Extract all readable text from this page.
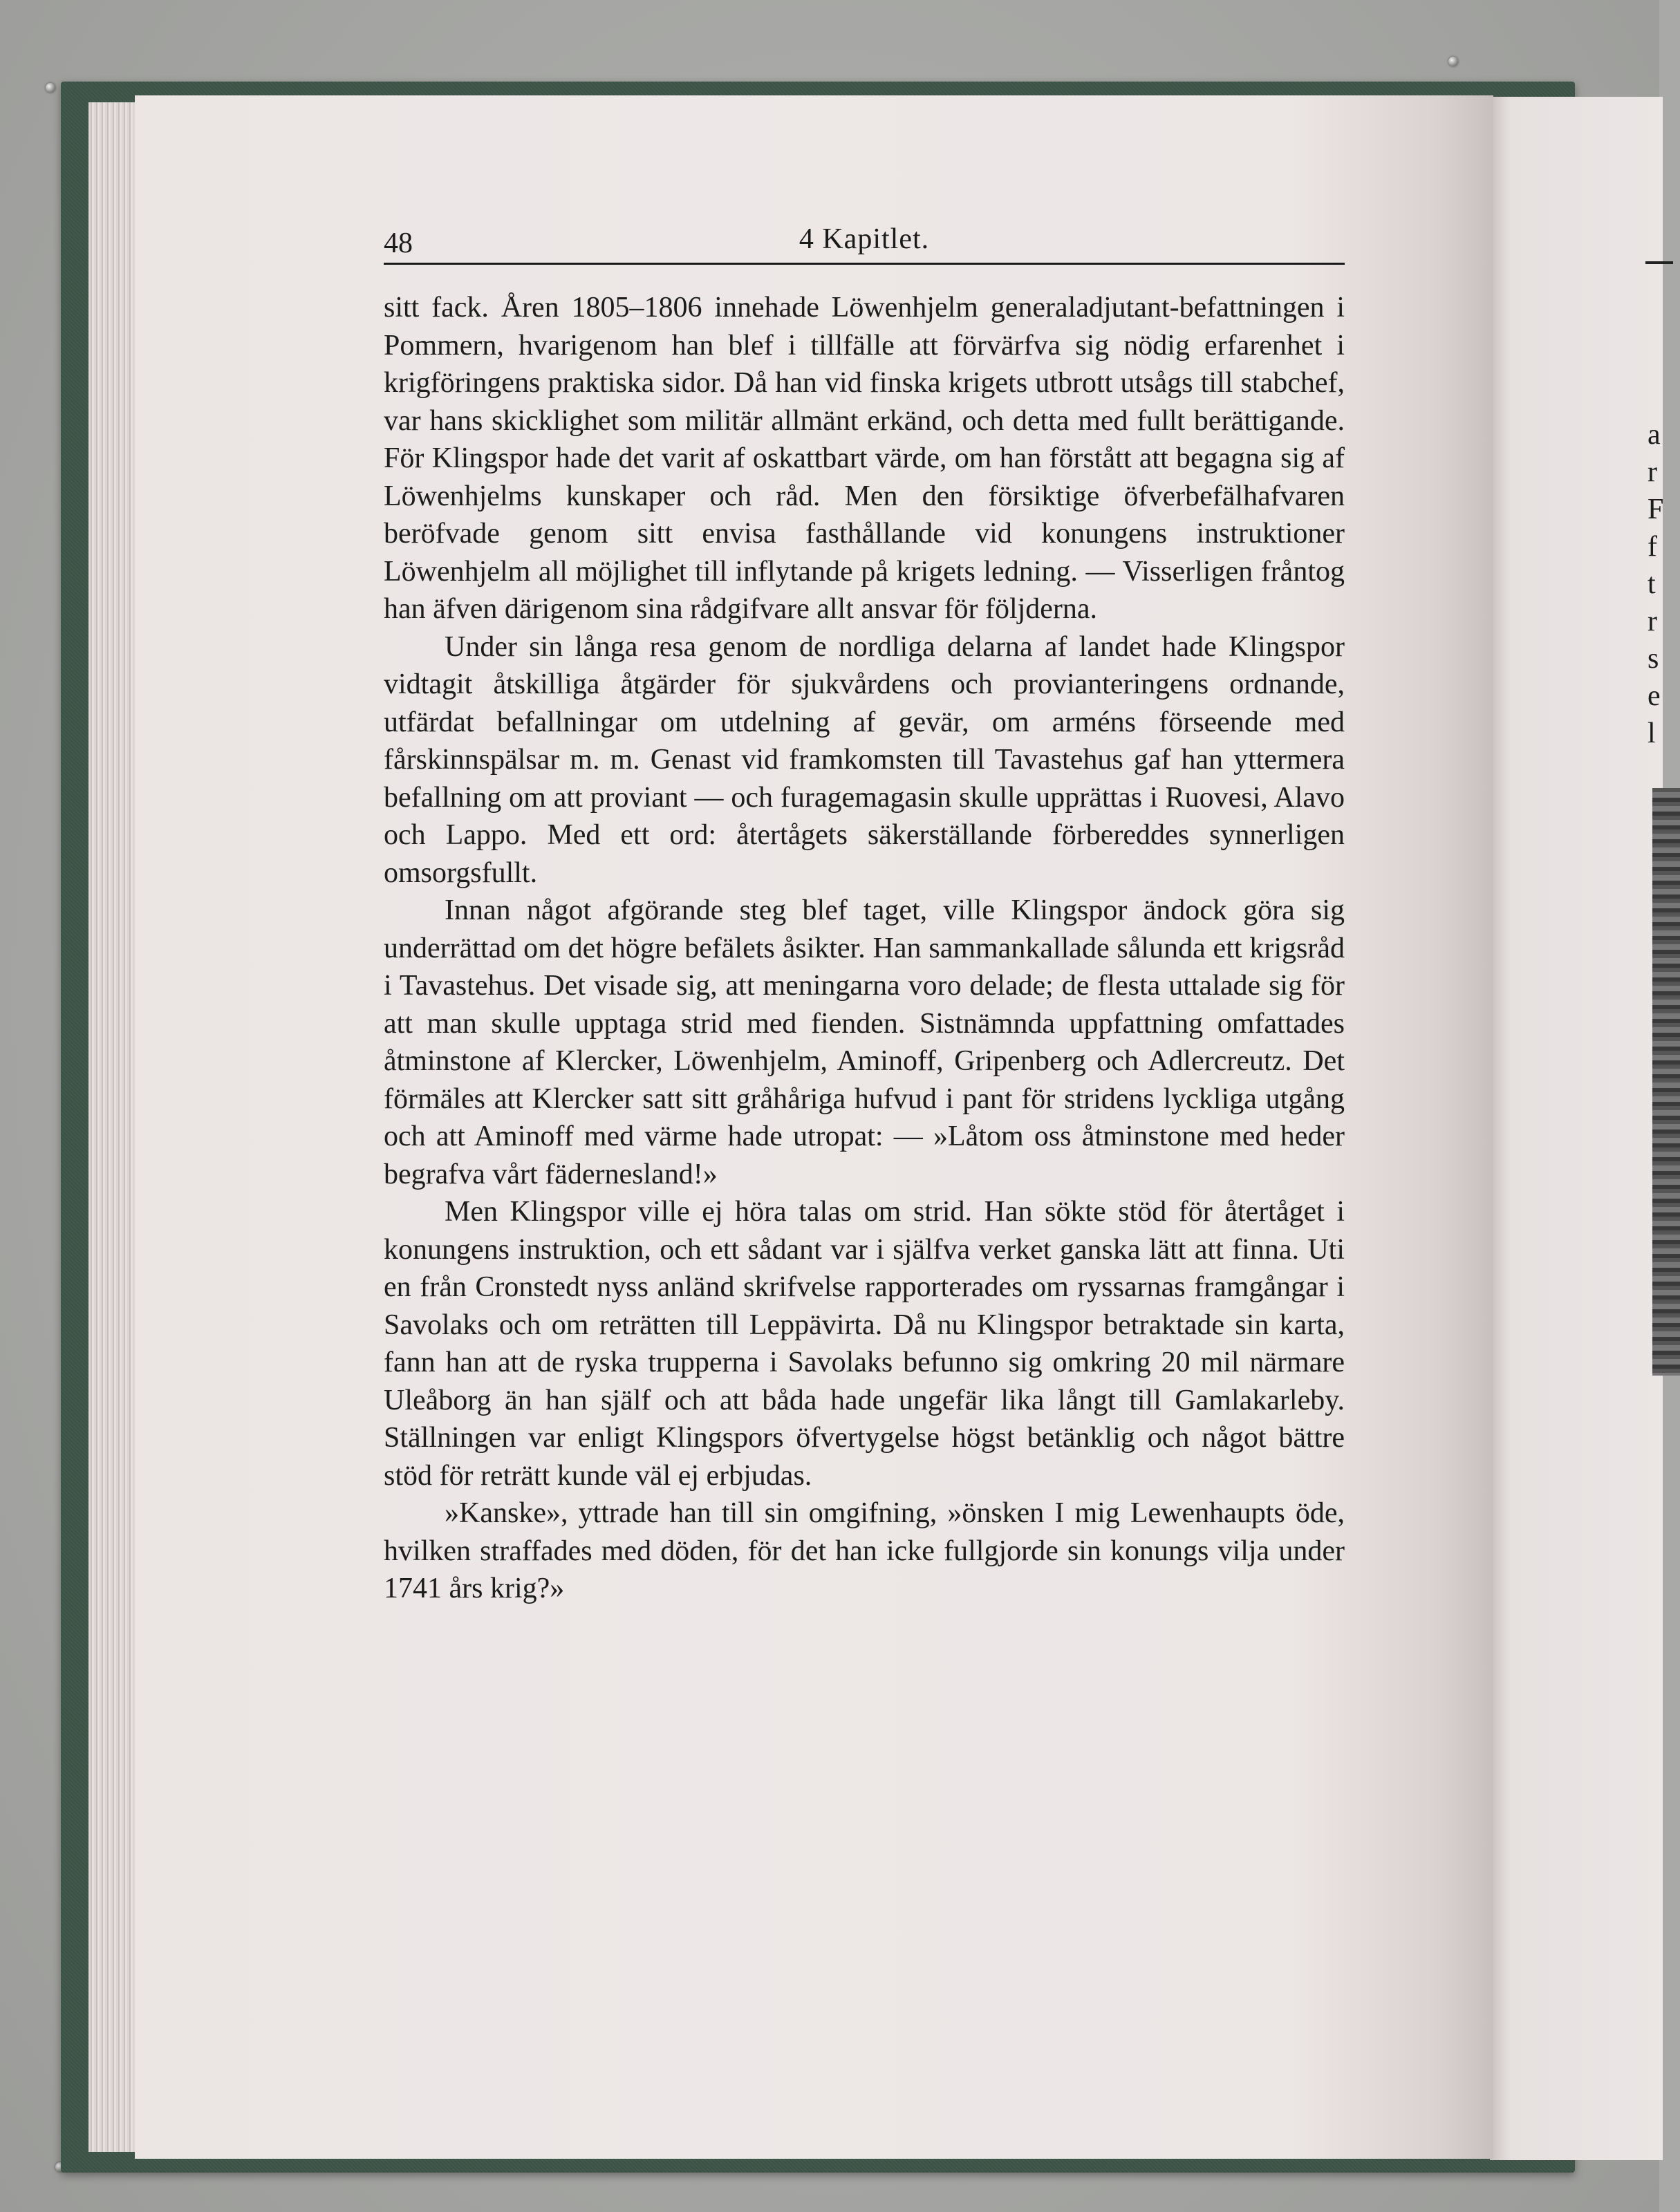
a
r
F
f
t
r
s
e
l
48	4 Kapitlet.

sitt fack. Åren 1805–1806 innehade Löwenhjelm generaladjutant-befattningen i Pommern, hvarigenom han blef i tillfälle att förvärfva sig nödig erfarenhet i krigföringens praktiska sidor. Då han vid finska krigets utbrott utsågs till stabchef, var hans skicklighet som militär allmänt erkänd, och detta med fullt berättigande. För Klingspor hade det varit af oskattbart värde, om han förstått att begagna sig af Löwenhjelms kunskaper och råd. Men den försiktige öfverbefälhafvaren beröfvade genom sitt envisa fasthållande vid konungens instruktioner Löwenhjelm all möjlighet till inflytande på krigets ledning. — Visserligen fråntog han äfven därigenom sina rådgifvare allt ansvar för följderna.

Under sin långa resa genom de nordliga delarna af landet hade Klingspor vidtagit åtskilliga åtgärder för sjukvårdens och provianteringens ordnande, utfärdat befallningar om utdelning af gevär, om arméns förseende med fårskinnspälsar m. m. Genast vid framkomsten till Tavastehus gaf han yttermera befallning om att proviant — och furagemagasin skulle upprättas i Ruovesi, Alavo och Lappo. Med ett ord: återtågets säkerställande förbereddes synnerligen omsorgsfullt.

Innan något afgörande steg blef taget, ville Klingspor ändock göra sig underrättad om det högre befälets åsikter. Han sammankallade sålunda ett krigsråd i Tavastehus. Det visade sig, att meningarna voro delade; de flesta uttalade sig för att man skulle upptaga strid med fienden. Sistnämnda uppfattning omfattades åtminstone af Klercker, Löwenhjelm, Aminoff, Gripenberg och Adlercreutz. Det förmäles att Klercker satt sitt gråhåriga hufvud i pant för stridens lyckliga utgång och att Aminoff med värme hade utropat: — »Låtom oss åtminstone med heder begrafva vårt fädernesland!»

Men Klingspor ville ej höra talas om strid. Han sökte stöd för återtåget i konungens instruktion, och ett sådant var i själfva verket ganska lätt att finna. Uti en från Cronstedt nyss anländ skrifvelse rapporterades om ryssarnas framgångar i Savolaks och om reträtten till Leppävirta. Då nu Klingspor betraktade sin karta, fann han att de ryska trupperna i Savolaks befunno sig omkring 20 mil närmare Uleåborg än han själf och att båda hade ungefär lika långt till Gamlakarleby. Ställningen var enligt Klingspors öfvertygelse högst betänklig och något bättre stöd för reträtt kunde väl ej erbjudas.

»Kanske», yttrade han till sin omgifning, »önsken I mig Lewenhaupts öde, hvilken straffades med döden, för det han icke fullgjorde sin konungs vilja under 1741 års krig?»
